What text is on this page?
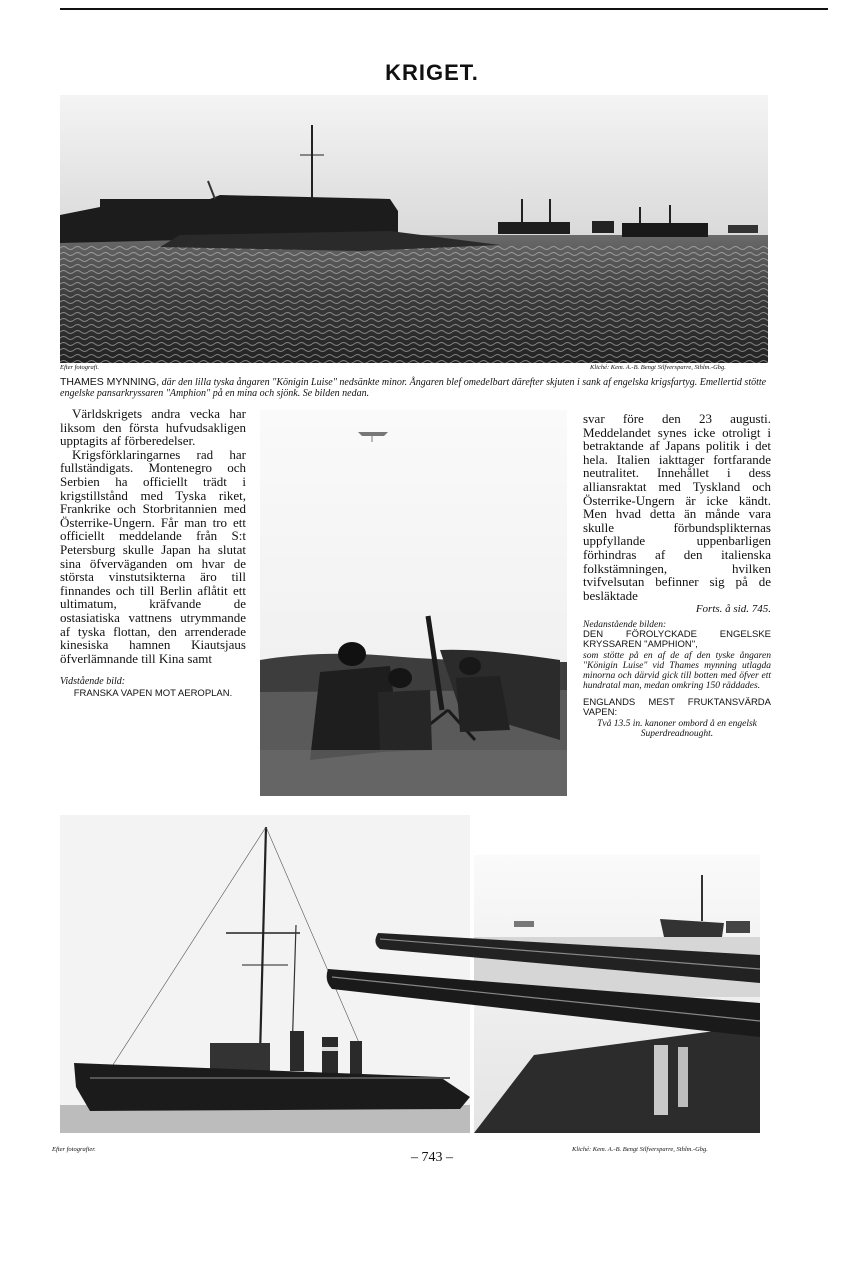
KRIGET.
Efter fotografi.	Kliché: Kem. A.-B. Bengt Silfversparre, Sthlm.-Gbg.
THAMES MYNNING, där den lilla tyska ångaren "Königin Luise" nedsänkte minor. Ångaren blef omedelbart därefter skjuten i sank af engelska krigsfartyg. Emellertid stötte engelske pansarkryssaren "Amphion" på en mina och sjönk. Se bilden nedan.

Världskrigets andra vecka har liksom den första hufvudsakligen upptagits af förberedelser.

Krigsförklaringarnes rad har fullständigats. Montenegro och Serbien ha officiellt trädt i krigstillstånd med Tyska riket, Frankrike och Storbritannien med Österrike-Ungern. Får man tro ett officiellt meddelande från S:t Petersburg skulle Japan ha slutat sina öfverväganden om hvar de största vinstutsikterna äro till finnandes och till Berlin aflåtit ett ultimatum, kräfvande de ostasiatiska vattnens utrymmande af tyska flottan, den arrenderade kinesiska hamnen Kiautsjaus öfverlämnande till Kina samt

Vidstående bild:
FRANSKA VAPEN MOT AEROPLAN.
svar före den 23 augusti. Meddelandet synes icke otroligt i betraktande af Japans politik i det hela. Italien iakttager fortfarande neutralitet. Innehållet i dess alliansraktat med Tyskland och Österrike-Ungern är icke kändt. Men hvad detta än månde vara skulle förbundsplikternas uppfyllande uppenbarligen förhindras af den italienska folkstämningen, hvilken tvifvelsutan befinner sig på de besläktade
Forts. å sid. 745.
Nedanstående bilden:
DEN FÖROLYCKADE ENGELSKE KRYSSAREN "AMPHION",
som stötte på en af de af den tyske ångaren "Königin Luise" vid Thames mynning utlagda minorna och därvid gick till botten med öfver ett hundratal man, medan omkring 150 räddades.
ENGLANDS MEST FRUKTANSVÄRDA VAPEN:
Två 13.5 in. kanoner ombord å en engelsk Superdreadnought.
Efter fotografier.	Kliché: Kem. A.-B. Bengt Silfversparre, Sthlm.-Gbg.
– 743 –
